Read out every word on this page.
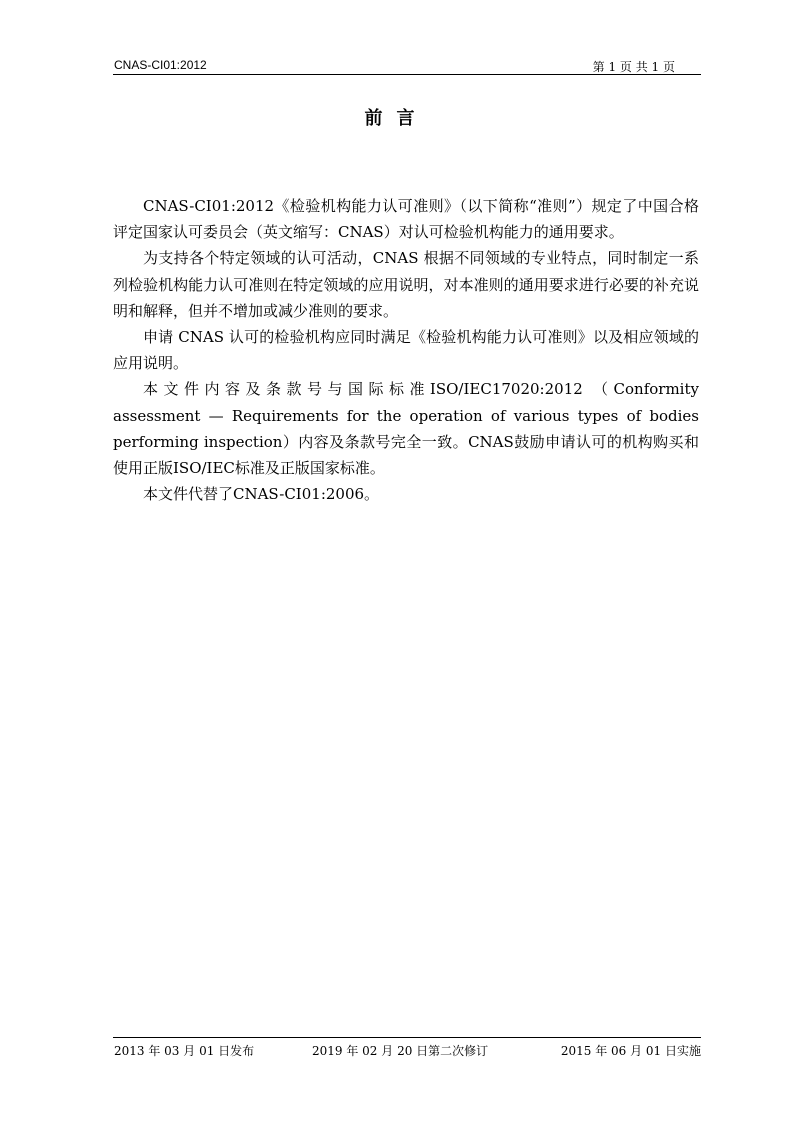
CNAS-CI01:2012	第 1 页 共 1 页
前言

CNAS-CI01:2012《检验机构能力认可准则》（以下简称“准则”）规定了中国合格评定国家认可委员会（英文缩写：CNAS）对认可检验机构能力的通用要求。

为支持各个特定领域的认可活动，CNAS 根据不同领域的专业特点，同时制定一系列检验机构能力认可准则在特定领域的应用说明，对本准则的通用要求进行必要的补充说明和解释，但并不增加或减少准则的要求。

申请 CNAS 认可的检验机构应同时满足《检验机构能力认可准则》以及相应领域的应用说明。

本文件内容及条款号与国际标准ISO/IEC17020:2012 （Conformity assessment — Requirements for the operation of various types of bodies performing inspection）内容及条款号完全一致。CNAS鼓励申请认可的机构购买和使用正版ISO/IEC标准及正版国家标准。

本文件代替了CNAS-CI01:2006。

2013 年 03 月 01 日发布	2019 年 02 月 20 日第二次修订	2015 年 06 月 01 日实施
